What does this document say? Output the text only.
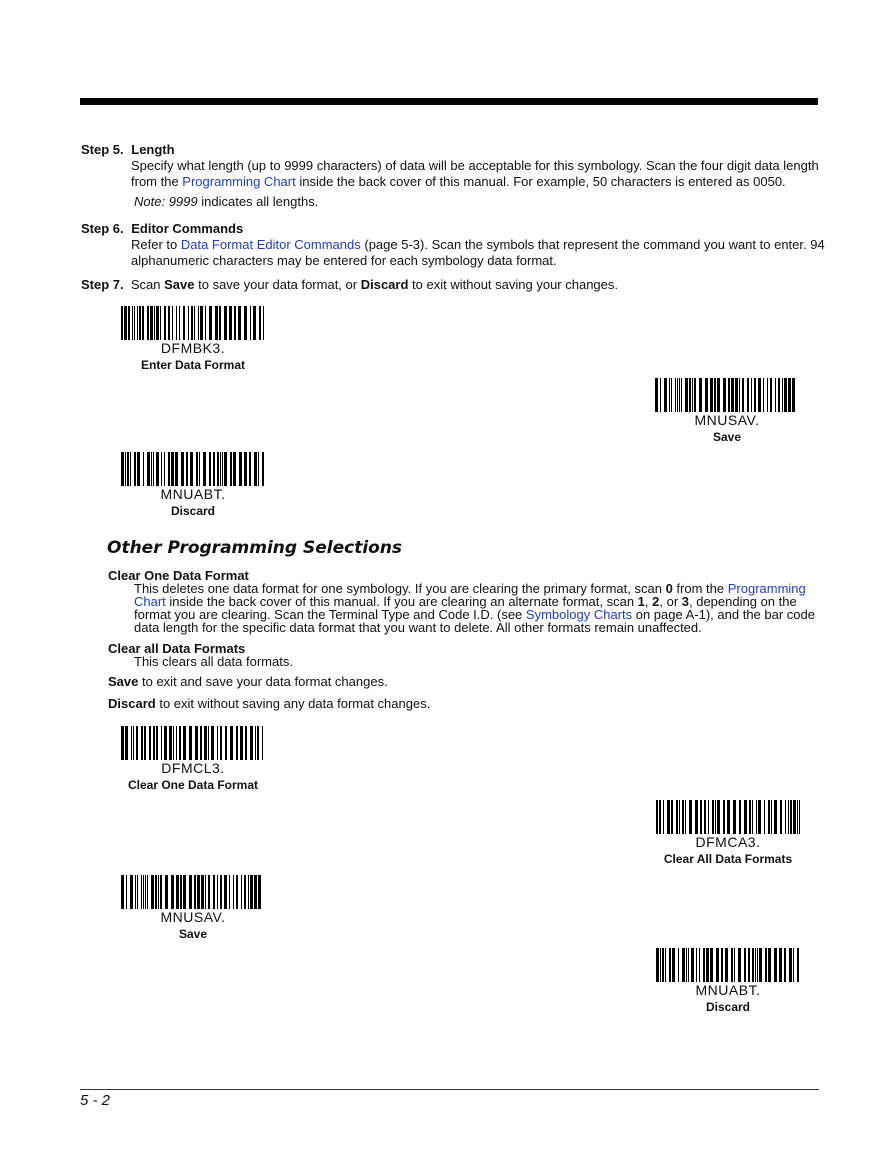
Step 5. Length
Specify what length (up to 9999 characters) of data will be acceptable for this symbology. Scan the four digit data length from the Programming Chart inside the back cover of this manual. For example, 50 characters is entered as 0050.
Note: 9999 indicates all lengths.
Step 6. Editor Commands
Refer to Data Format Editor Commands (page 5-3). Scan the symbols that represent the command you want to enter. 94 alphanumeric characters may be entered for each symbology data format.
Step 7. Scan Save to save your data format, or Discard to exit without saving your changes.
DFMBK3.
Enter Data Format
MNUSAV.
Save
MNUABT.
Discard
Other Programming Selections
Clear One Data Format
This deletes one data format for one symbology. If you are clearing the primary format, scan 0 from the Programming Chart inside the back cover of this manual. If you are clearing an alternate format, scan 1, 2, or 3, depending on the format you are clearing. Scan the Terminal Type and Code I.D. (see Symbology Charts on page A-1), and the bar code data length for the specific data format that you want to delete. All other formats remain unaffected.
Clear all Data Formats
This clears all data formats.
Save to exit and save your data format changes.
Discard to exit without saving any data format changes.
DFMCL3.
Clear One Data Format
DFMCA3.
Clear All Data Formats
MNUSAV.
Save
MNUABT.
Discard
5 - 2
